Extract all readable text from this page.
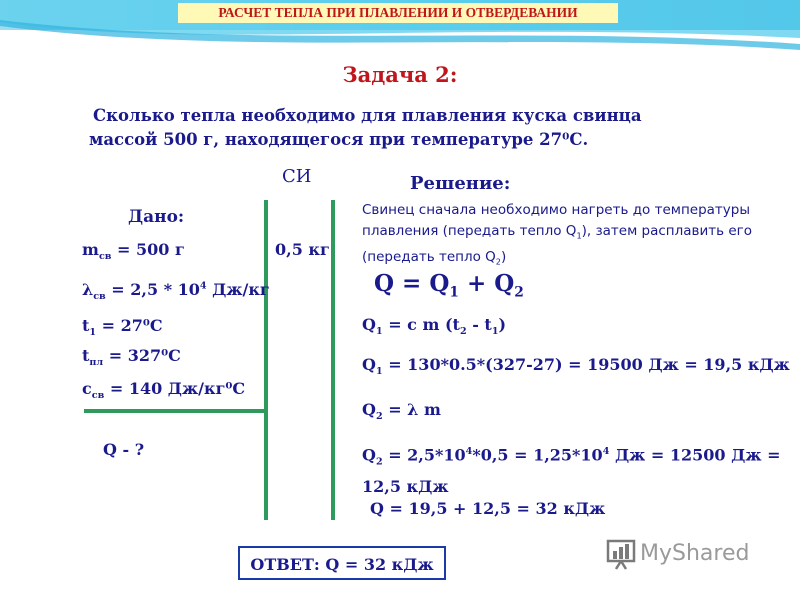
РАСЧЕТ ТЕПЛА ПРИ ПЛАВЛЕНИИ И ОТВЕРДЕВАНИИ
Задача 2:
Сколько тепла необходимо для плавления куска свинца
массой 500 г, находящегося при температуре 27⁰С.
СИ	Решение:
Дано:
$m_{св} = 500$ г	0,5 кг
$\lambda_{св} = 2,5 * 10^4$ Дж/кг
$t_1 = 27^0С$
$t_{пл} = 327^0С$
$c_{св} = 140$ Дж/кг⁰С
Q - ?
Свинец сначала необходимо нагреть до температуры плавления (передать тепло $Q_1$), затем расплавить его (передать тепло $Q_2$)
$Q = Q_1 + Q_2$
$Q_1 = c$ m $(t_2 - t_1)$
$Q_1 = 130*0.5*(327-27) = 19500$ Дж = 19,5 кДж
$Q_2 = \lambda$ m
$Q_2 = 2,5*10^4*0,5 = 1,25*10^4$ Дж = 12500 Дж =
12,5 кДж
Q = 19,5 + 12,5 = 32 кДж
ОТВЕТ: Q = 32 кДж	MyShared
